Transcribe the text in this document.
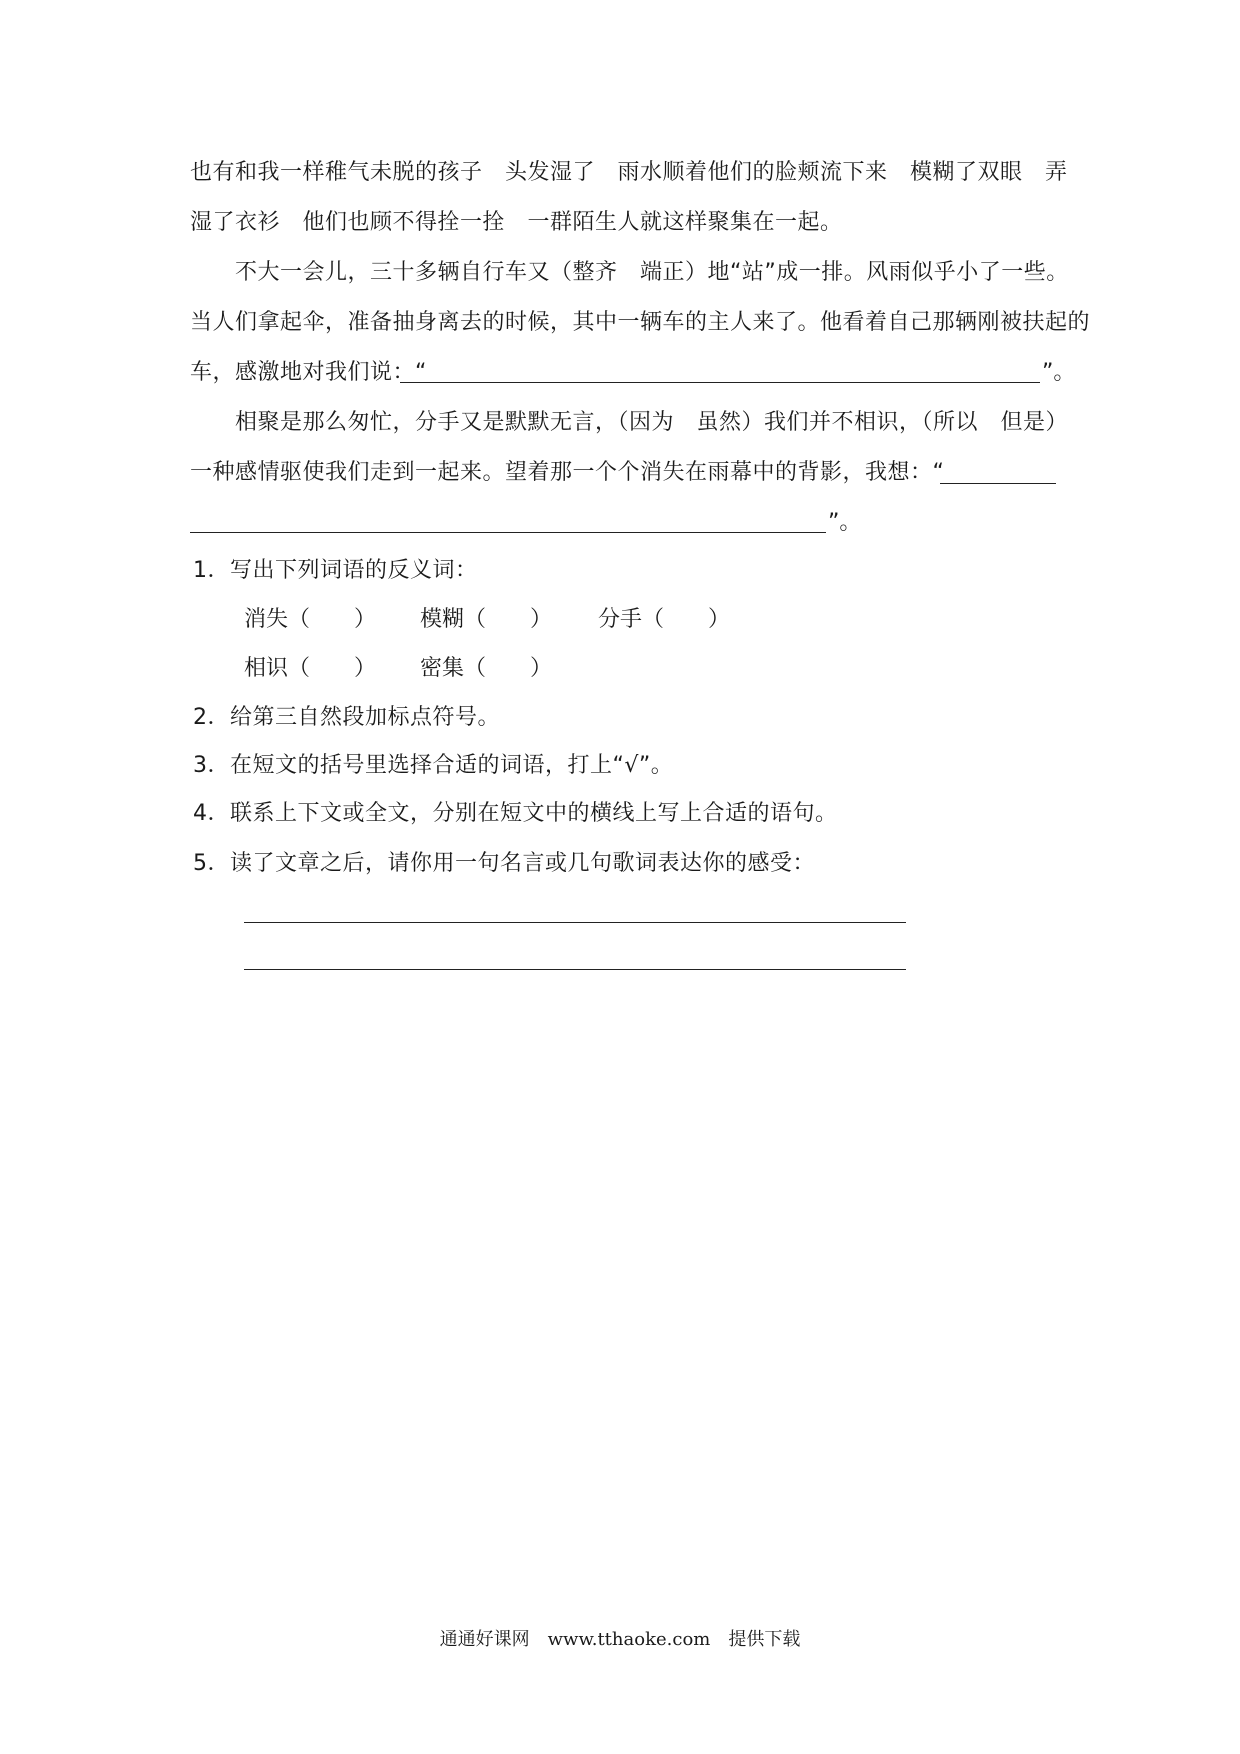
也有和我一样稚气未脱的孩子　头发湿了　雨水顺着他们的脸颊流下来　模糊了双眼　弄
湿了衣衫　他们也顾不得拴一拴　一群陌生人就这样聚集在一起。
　　不大一会儿，三十多辆自行车又（整齐　端正）地“站”成一排。风雨似乎小了一些。
当人们拿起伞，准备抽身离去的时候，其中一辆车的主人来了。他看着自己那辆刚被扶起的
车，感激地对我们说：“	”。
　　相聚是那么匆忙，分手又是默默无言，（因为　虽然）我们并不相识，（所以　但是）
一种感情驱使我们走到一起来。望着那一个个消失在雨幕中的背影，我想：“
”。
1．写出下列词语的反义词：
消失（　　） 模糊（　　） 分手（　　）
相识（　　） 密集（　　）
2．给第三自然段加标点符号。
3．在短文的括号里选择合适的词语，打上“√”。
4．联系上下文或全文，分别在短文中的横线上写上合适的语句。
5．读了文章之后，请你用一句名言或几句歌词表达你的感受：
通通好课网　www.tthaoke.com　提供下载
